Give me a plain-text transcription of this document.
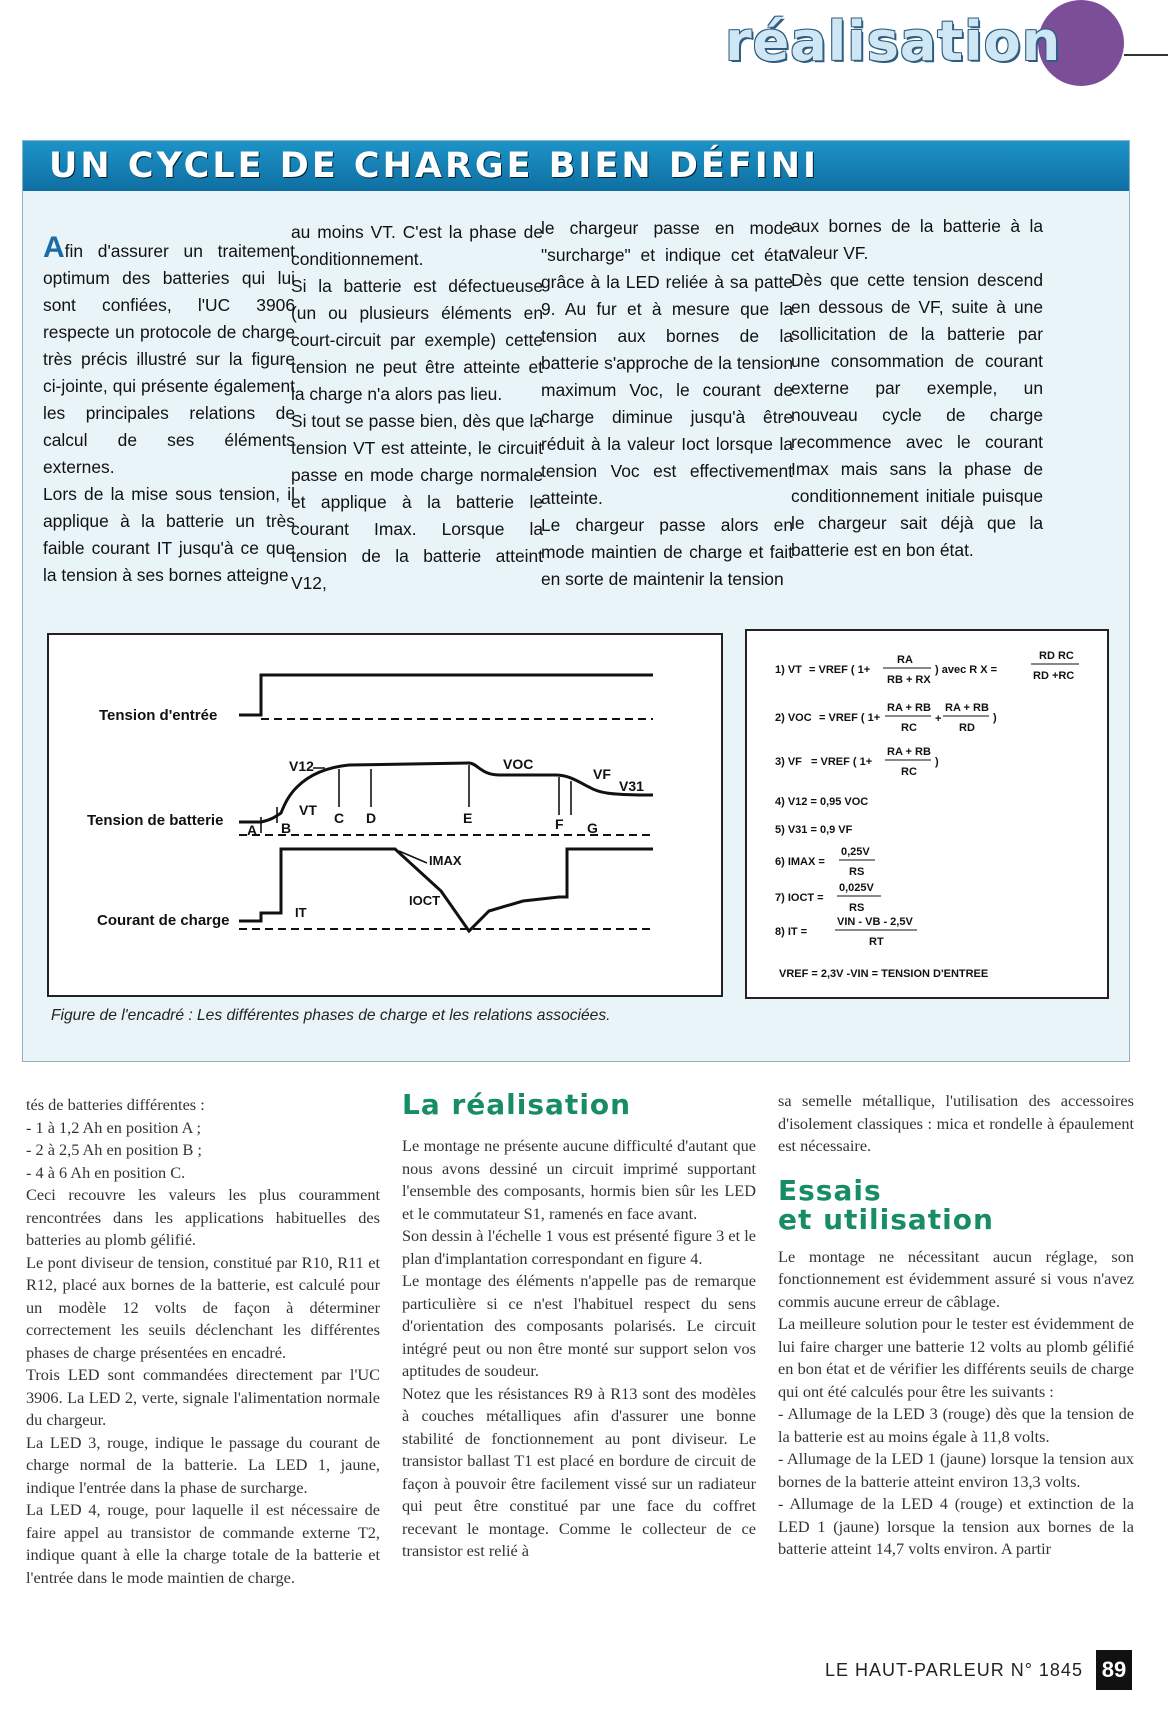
réalisation
UN CYCLE DE CHARGE BIEN DÉFINI

Afin d'assurer un traitement optimum des batteries qui lui sont confiées, l'UC 3906 respecte un protocole de charge très précis illustré sur la figure ci-jointe, qui présente également les principales relations de calcul de ses éléments externes.

Lors de la mise sous tension, il applique à la batterie un très faible courant IT jusqu'à ce que la tension à ses bornes atteigne

au moins VT. C'est la phase de conditionnement.

Si la batterie est défectueuse (un ou plusieurs éléments en court-circuit par exemple) cette tension ne peut être atteinte et la charge n'a alors pas lieu.

Si tout se passe bien, dès que la tension VT est atteinte, le circuit passe en mode charge normale et applique à la batterie le courant Imax. Lorsque la tension de la batterie atteint V12,

le chargeur passe en mode "surcharge" et indique cet état grâce à la LED reliée à sa patte 9. Au fur et à mesure que la tension aux bornes de la batterie s'approche de la tension maximum Voc, le courant de charge diminue jusqu'à être réduit à la valeur Ioct lorsque la tension Voc est effectivement atteinte.

Le chargeur passe alors en mode maintien de charge et fait en sorte de maintenir la tension

aux bornes de la batterie à la valeur VF.

Dès que cette tension descend en dessous de VF, suite à une sollicitation de la batterie par une consommation de courant externe par exemple, un nouveau cycle de charge recommence avec le courant Imax mais sans la phase de conditionnement initiale puisque le chargeur sait déjà que la batterie est en bon état.

Tension d'entrée
Tension de batterie
Courant de charge
A B
C D	E	F G
V12
VT
VOC
VF
V31
IMAX
IOCT
IT
1) VT = VREF ( 1+
RA
RB + RX
) avec R X =
RD RC
RD +RC
2) VOC = VREF ( 1+
RA + RB
RC
+
RA + RB
RD
)
3) VF = VREF ( 1+
RA + RB
RC
)
4) V12 = 0,95 VOC
5) V31 = 0,9 VF
6) IMAX =
0,25V
RS
7) IOCT =
0,025V
RS
8) IT =
VIN - VB - 2,5V
RT
VREF = 2,3V -VIN = TENSION D'ENTREE
Figure de l'encadré : Les différentes phases de charge et les relations associées.

tés de batteries différentes :

- 1 à 1,2 Ah en position A ;

- 2 à 2,5 Ah en position B ;

- 4 à 6 Ah en position C.

Ceci recouvre les valeurs les plus couramment rencontrées dans les applications habituelles des batteries au plomb gélifié.

Le pont diviseur de tension, constitué par R10, R11 et R12, placé aux bornes de la batterie, est calculé pour un modèle 12 volts de façon à déterminer correctement les seuils déclenchant les différentes phases de charge présentées en encadré.

Trois LED sont commandées directement par l'UC 3906. La LED 2, verte, signale l'alimentation normale du chargeur.

La LED 3, rouge, indique le passage du courant de charge normal de la batterie. La LED 1, jaune, indique l'entrée dans la phase de surcharge.

La LED 4, rouge, pour laquelle il est nécessaire de faire appel au transistor de commande externe T2, indique quant à elle la charge totale de la batterie et l'entrée dans le mode maintien de charge.

La réalisation

Le montage ne présente aucune difficulté d'autant que nous avons dessiné un circuit imprimé supportant l'ensemble des composants, hormis bien sûr les LED et le commutateur S1, ramenés en face avant.

Son dessin à l'échelle 1 vous est présenté figure 3 et le plan d'implantation correspondant en figure 4.

Le montage des éléments n'appelle pas de remarque particulière si ce n'est l'habituel respect du sens d'orientation des composants polarisés. Le circuit intégré peut ou non être monté sur support selon vos aptitudes de soudeur.

Notez que les résistances R9 à R13 sont des modèles à couches métalliques afin d'assurer une bonne stabilité de fonctionnement au pont diviseur. Le transistor ballast T1 est placé en bordure de circuit de façon à pouvoir être facilement vissé sur un radiateur qui peut être constitué par une face du coffret recevant le montage. Comme le collecteur de ce transistor est relié à

sa semelle métallique, l'utilisation des accessoires d'isolement classiques : mica et rondelle à épaulement est nécessaire.

Essais
et utilisation

Le montage ne nécessitant aucun réglage, son fonctionnement est évidemment assuré si vous n'avez commis aucune erreur de câblage.

La meilleure solution pour le tester est évidemment de lui faire charger une batterie 12 volts au plomb gélifié en bon état et de vérifier les différents seuils de charge qui ont été calculés pour être les suivants :

- Allumage de la LED 3 (rouge) dès que la tension de la batterie est au moins égale à 11,8 volts.

- Allumage de la LED 1 (jaune) lorsque la tension aux bornes de la batterie atteint environ 13,3 volts.

- Allumage de la LED 4 (rouge) et extinction de la LED 1 (jaune) lorsque la tension aux bornes de la batterie atteint 14,7 volts environ. A partir

LE HAUT-PARLEUR N° 1845 89
